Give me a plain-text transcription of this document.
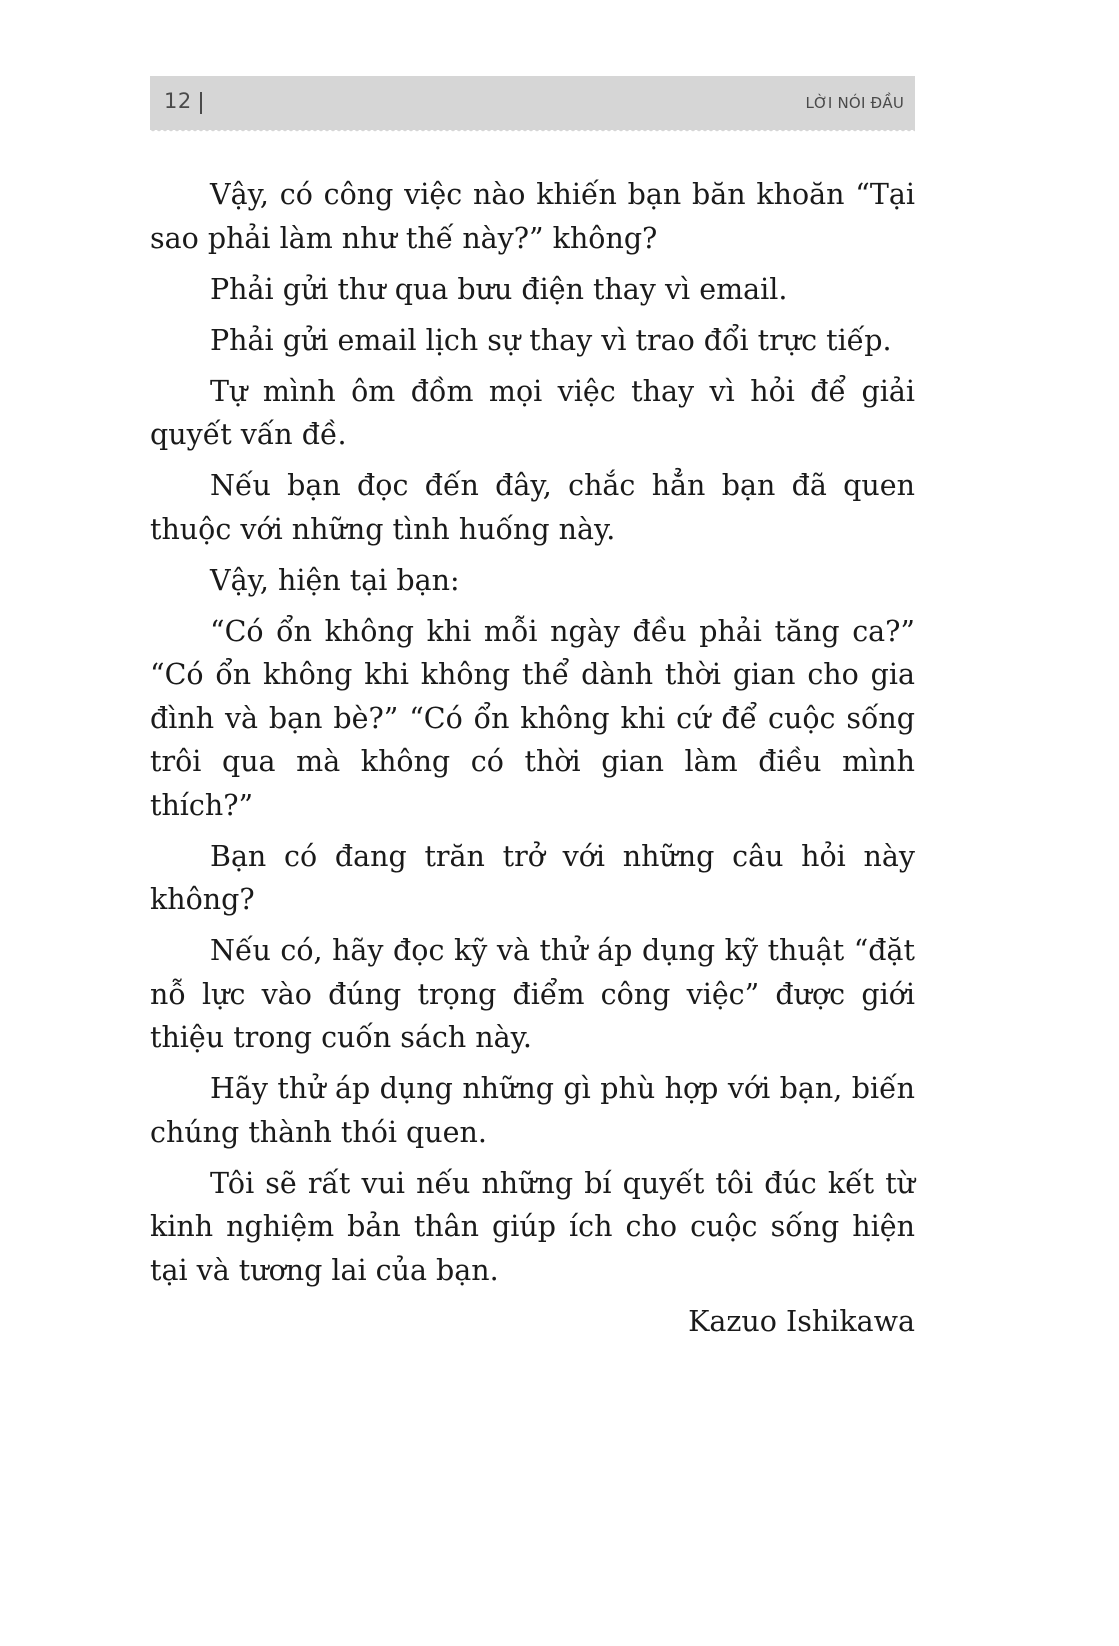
12	LỜI NÓI ĐẦU

Vậy, có công việc nào khiến bạn băn khoăn “Tại sao phải làm như thế này?” không?

Phải gửi thư qua bưu điện thay vì email.

Phải gửi email lịch sự thay vì trao đổi trực tiếp.

Tự mình ôm đồm mọi việc thay vì hỏi để giải quyết vấn đề.

Nếu bạn đọc đến đây, chắc hẳn bạn đã quen thuộc với những tình huống này.

Vậy, hiện tại bạn:

“Có ổn không khi mỗi ngày đều phải tăng ca?” “Có ổn không khi không thể dành thời gian cho gia đình và bạn bè?” “Có ổn không khi cứ để cuộc sống trôi qua mà không có thời gian làm điều mình thích?”

Bạn có đang trăn trở với những câu hỏi này không?

Nếu có, hãy đọc kỹ và thử áp dụng kỹ thuật “đặt nỗ lực vào đúng trọng điểm công việc” được giới thiệu trong cuốn sách này.

Hãy thử áp dụng những gì phù hợp với bạn, biến chúng thành thói quen.

Tôi sẽ rất vui nếu những bí quyết tôi đúc kết từ kinh nghiệm bản thân giúp ích cho cuộc sống hiện tại và tương lai của bạn.

Kazuo Ishikawa
